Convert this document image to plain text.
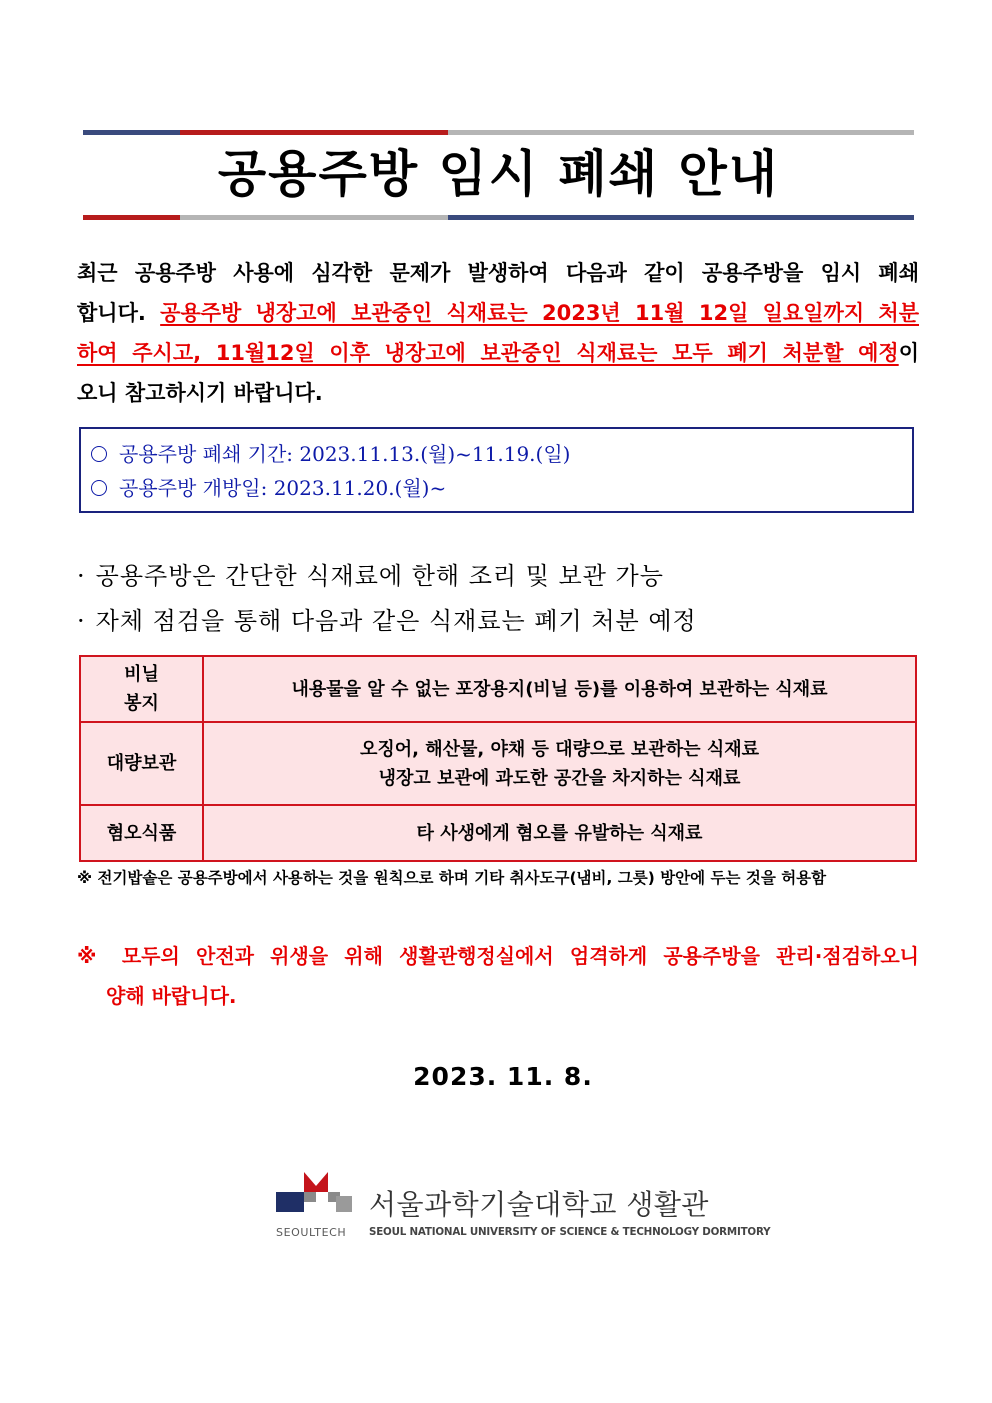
공용주방 임시 폐쇄 안내
최근 공용주방 사용에 심각한 문제가 발생하여 다음과 같이 공용주방을 임시 폐쇄
합니다. 공용주방 냉장고에 보관중인 식재료는 2023년 11월 12일 일요일까지 처분
하여 주시고, 11월12일 이후 냉장고에 보관중인 식재료는 모두 폐기 처분할 예정이
오니 참고하시기 바랍니다.
공용주방 폐쇄 기간: 2023.11.13.(월)~11.19.(일)
공용주방 개방일: 2023.11.20.(월)~
· 공용주방은 간단한 식재료에 한해 조리 및 보관 가능
· 자체 점검을 통해 다음과 같은 식재료는 폐기 처분 예정
비닐
봉지	내용물을 알 수 없는 포장용지(비닐 등)를 이용하여 보관하는 식재료

대량보관	오징어, 해산물, 야채 등 대량으로 보관하는 식재료
냉장고 보관에 과도한 공간을 차지하는 식재료

혐오식품	타 사생에게 혐오를 유발하는 식재료
※ 전기밥솥은 공용주방에서 사용하는 것을 원칙으로 하며 기타 취사도구(냄비, 그릇) 방안에 두는 것을 허용함
※ 모두의 안전과 위생을 위해 생활관행정실에서 엄격하게 공용주방을 관리·점검하오니
양해 바랍니다.
2023. 11. 8.
SEOULTECH
서울과학기술대학교 생활관
SEOUL NATIONAL UNIVERSITY OF SCIENCE & TECHNOLOGY DORMITORY
